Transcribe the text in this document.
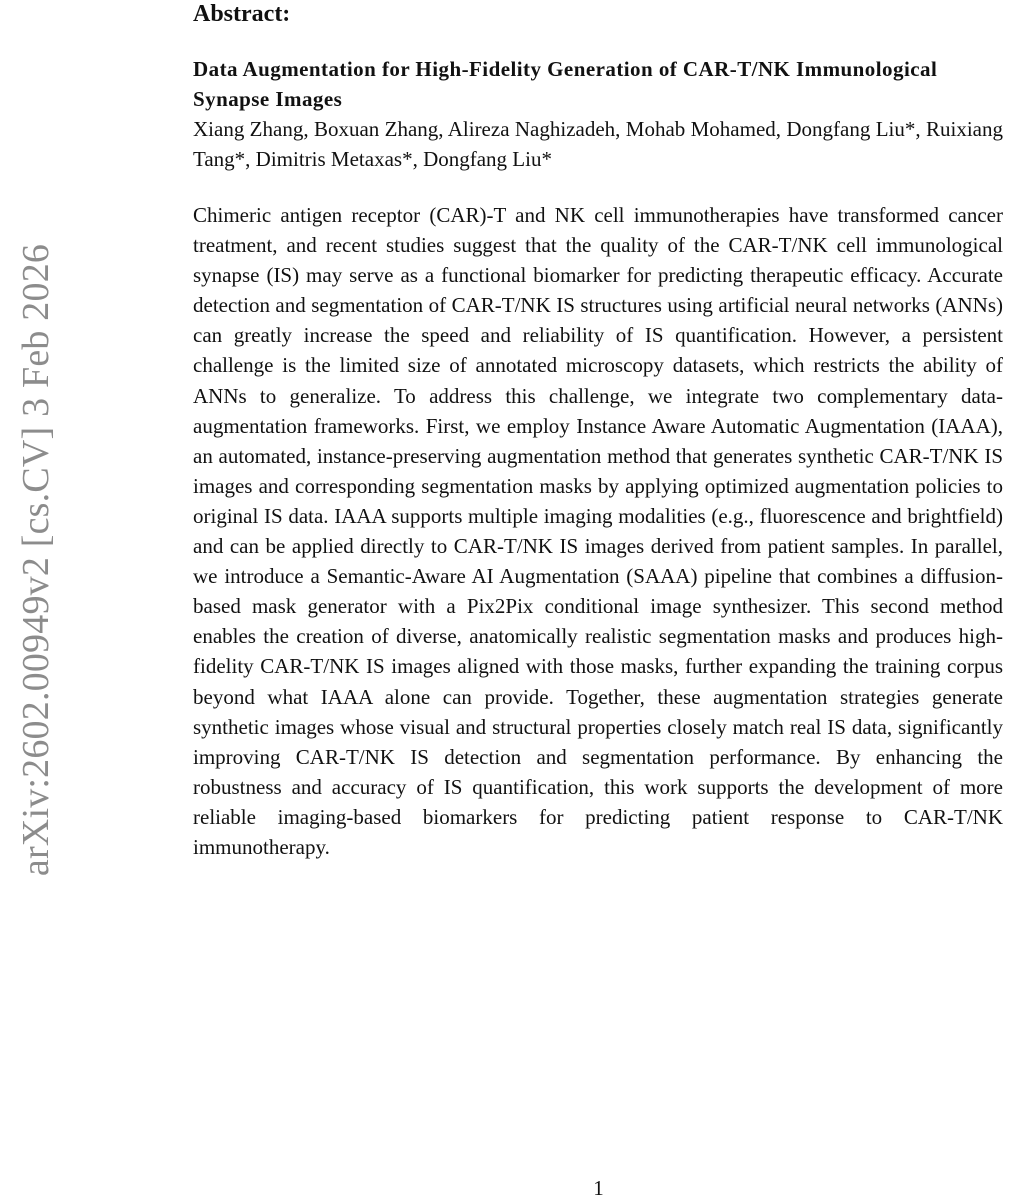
arXiv:2602.00949v2 [cs.CV] 3 Feb 2026
Abstract:

Data Augmentation for High-Fidelity Generation of CAR-T/NK Immunological Synapse Images

Xiang Zhang, Boxuan Zhang, Alireza Naghizadeh, Mohab Mohamed, Dongfang Liu*, Ruixiang Tang*, Dimitris Metaxas*, Dongfang Liu*

Chimeric antigen receptor (CAR)-T and NK cell immunotherapies have transformed cancer treatment, and recent studies suggest that the quality of the CAR-T/NK cell immunological synapse (IS) may serve as a functional biomarker for predicting therapeutic efficacy. Accurate detection and segmentation of CAR-T/NK IS structures using artificial neural networks (ANNs) can greatly increase the speed and reliability of IS quantification. However, a persistent challenge is the limited size of annotated microscopy datasets, which restricts the ability of ANNs to generalize. To address this challenge, we integrate two complementary data-augmentation frameworks. First, we employ Instance Aware Automatic Augmentation (IAAA), an automated, instance-preserving augmentation method that generates synthetic CAR-T/NK IS images and corresponding segmentation masks by applying optimized augmentation policies to original IS data. IAAA supports multiple imaging modalities (e.g., fluorescence and brightfield) and can be applied directly to CAR-T/NK IS images derived from patient samples. In parallel, we introduce a Semantic-Aware AI Augmentation (SAAA) pipeline that combines a diffusion-based mask generator with a Pix2Pix conditional image synthesizer. This second method enables the creation of diverse, anatomically realistic segmentation masks and produces high-fidelity CAR-T/NK IS images aligned with those masks, further expanding the training corpus beyond what IAAA alone can provide. Together, these augmentation strategies generate synthetic images whose visual and structural properties closely match real IS data, significantly improving CAR-T/NK IS detection and segmentation performance. By enhancing the robustness and accuracy of IS quantification, this work supports the development of more reliable imaging-based biomarkers for predicting patient response to CAR-T/NK immunotherapy.

1
